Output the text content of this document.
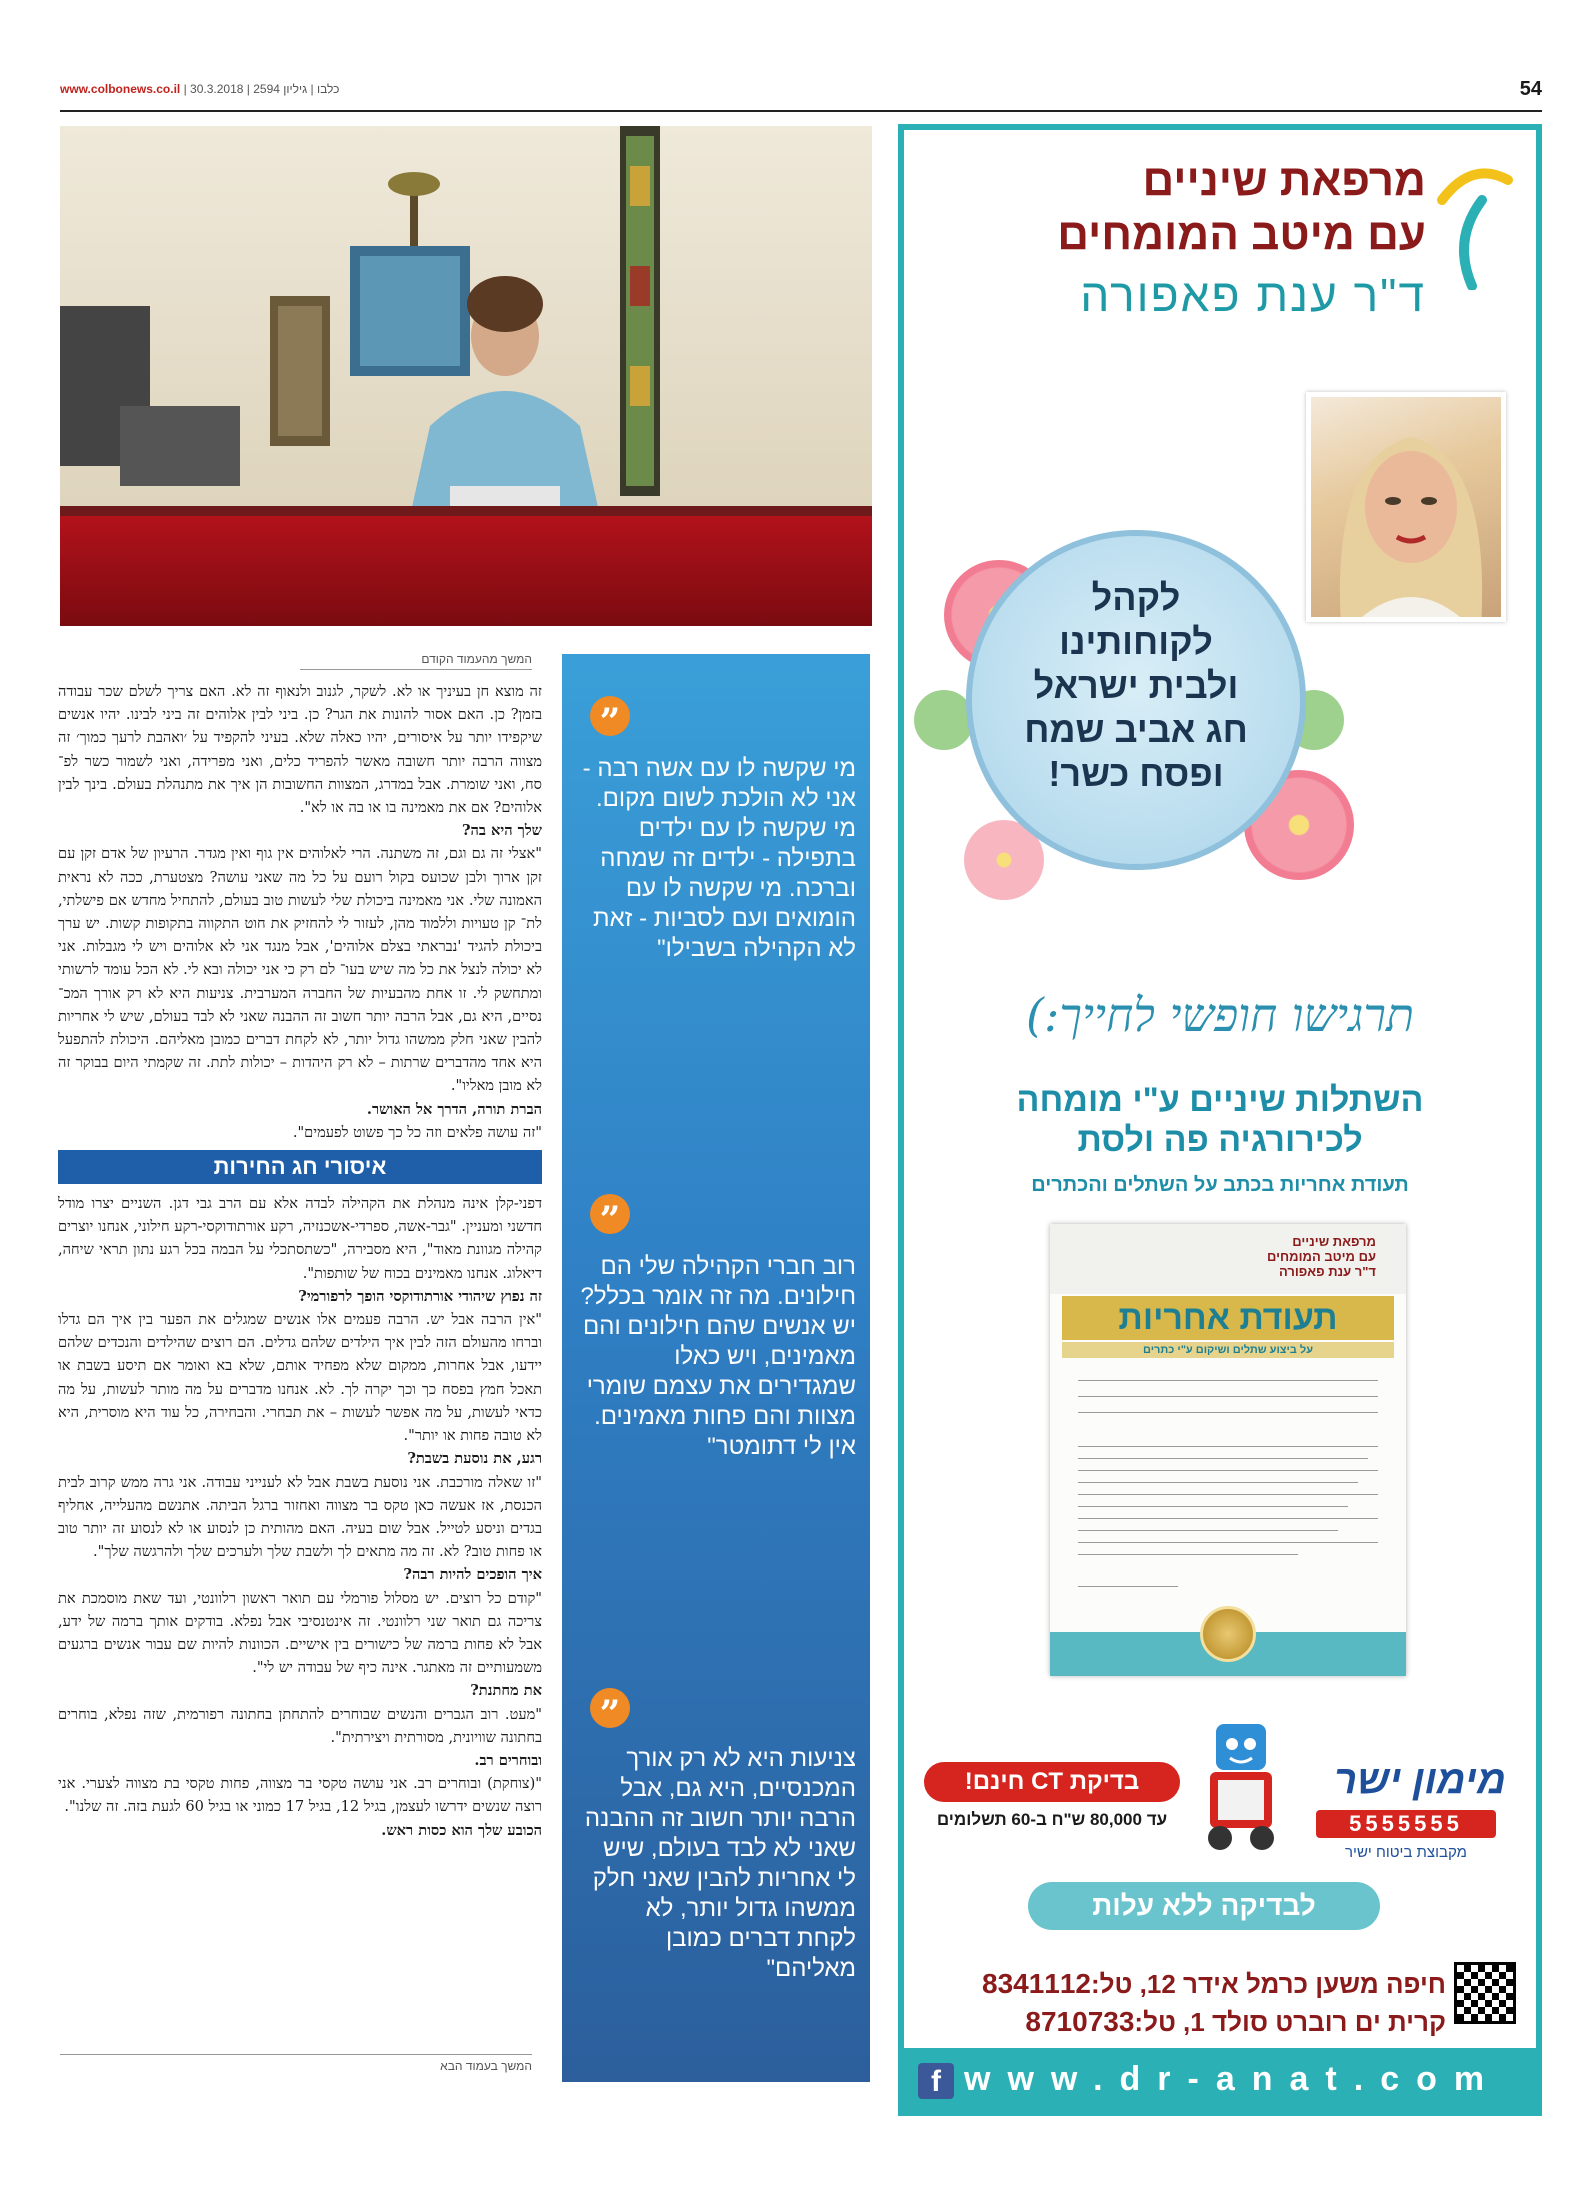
www.colbonews.co.il | כלבו | גיליון 2594 | 30.3.2018	54
המשך מהעמוד הקודם

זה מוצא חן בעיניך או לא. לשקר, לגנוב ולנאוף זה לא. האם צריך לשלם שכר עבודה בזמן? כן. האם אסור להונות את הגר? כן. ביני לבין אלוהים זה ביני לבינו. יהיו אנשים שיקפידו יותר על איסורים, יהיו כאלה שלא. בעיני להקפיד על ׳ואהבת לרעך כמוך׳ זה מצווה הרבה יותר חשובה מאשר להפריד כלים, ואני מפרידה, ואני לשמור כשר לפ־ סח, ואני שומרת. אבל במדרג, המצוות החשובות הן איך את מתנהלת בעולם. בינך לבין אלוהים? אם את מאמינה בו או בה או לא".

שלך היא בה?

"אצלי זה גם וגם, זה משתנה. הרי לאלוהים אין גוף ואין מגדר. הרעיון של אדם זקן עם זקן ארוך ולבן שכועס בקול רועם על כל מה שאני עושה? מצטערת, ככה לא נראית האמונה שלי. אני מאמינה ביכולת שלי לעשות טוב בעולם, להתחיל מחדש אם פישלתי, לת־ קן טעויות וללמוד מהן, לעזור לי להחזיק את חוט התקווה בתקופות קשות. יש ערך ביכולת להגיד 'נבראתי בצלם אלוהים', אבל מנגד אני לא אלוהים ויש לי מגבלות. אני לא יכולה לנצל את כל מה שיש בעו־ לם רק כי אני יכולה ובא לי. לא הכל עומד לרשותי ומתחשק לי. זו אחת מהבעיות של החברה המערבית. צניעות היא לא רק אורך המכ־ נסיים, היא גם, אבל הרבה יותר חשוב זה ההבנה שאני לא לבד בעולם, שיש לי אחריות להבין שאני חלק ממשהו גדול יותר, לא לקחת דברים כמובן מאליהם. היכולת להתפעל היא אחד מהדברים שרתות – לא רק היהדות – יכולות לתת. זה שקמתי היום בבוקר זה לא מובן מאליו".

הברת תורה, הדרך אל האושר.

"זה עושה פלאים וזה כל כך פשוט לפעמים".

איסורי חג החירות

דפני-קלן אינה מנהלת את הקהילה לבדה אלא עם הרב גבי דגן. השניים יצרו מודל חדשני ומעניין. "גבר-אשה, ספרדי-אשכנזיה, רקע אורתודוקסי-רקע חילוני, אנחנו יוצרים קהילה מגוונת מאוד", היא מסבירה, "כשתסתכלי על הבמה בכל רגע נתון תראי שיחה, דיאלוג. אנחנו מאמינים בכוח של שותפות".

זה נפוץ שיהודי אורתודוקסי הופך לרפורמי?

"אין הרבה אבל יש. הרבה פעמים אלו אנשים שמגלים את הפער בין איך הם גדלו וברחו מהעולם הזה לבין איך הילדים שלהם גדלים. הם רוצים שהילדים והנכדים שלהם יידעו, אבל אחרות, ממקום שלא מפחיד אותם, שלא בא ואומר אם תיסע בשבת או תאכל חמץ בפסח כך וכך יקרה לך. לא. אנחנו מדברים על מה מותר לעשות, על מה כדאי לעשות, על מה אפשר לעשות – את תבחרי. והבחירה, כל עוד היא מוסרית, היא לא טובה פחות או יותר".

רגע, את נוסעת בשבת?

"זו שאלה מורכבת. אני נוסעת בשבת אבל לא לענייני עבודה. אני גרה ממש קרוב לבית הכנסת, אז אעשה כאן טקס בר מצווה ואחזור ברגל הביתה. אתנשם מהעלייה, אחליף בגדים וניסע לטייל. אבל שום בעיה. האם מהותית כן לנסוע או לא לנסוע זה יותר טוב או פחות טוב? לא. זה מה מתאים לך ולשבת שלך ולערכים שלך ולהרגשה שלך".

איך הופכים להיות רבה?

"קודם כל רוצים. יש מסלול פורמלי עם תואר ראשון רלוונטי, ועד שאת מוסמכת את צריכה גם תואר שני רלוונטי. זה אינטנסיבי אבל נפלא. בודקים אותך ברמה של ידע, אבל לא פחות ברמה של כישורים בין אישיים. הכוונות להיות שם עבור אנשים ברגעים משמעותיים זה מאתגר. אינה כיף של עבודה יש לי".

את מחתנת?

"מעט. רוב הגברים והנשים שבוחרים להתחתן בחתונה רפורמית, שזה נפלא, בוחרים בחתונה שוויונית, מסורתית ויצירתית".

ובוחרים רב.

"(צוחקת) ובוחרים רב. אני עושה טקסי בר מצווה, פחות טקסי בת מצווה לצערי. אני רוצה שנשים ידרשו לעצמן, בגיל 12, בגיל 17 כמוני או בגיל 60 לגעת בזה. זה שלנו".

הכובע שלך הוא כסות ראש.

המשך בעמוד הבא
”
מי שקשה לו עם אשה רבה - אני לא הולכת לשום מקום. מי שקשה לו עם ילדים בתפילה - ילדים זה שמחה וברכה. מי שקשה לו עם הומואים ועם לסביות - זאת לא הקהילה בשבילו"
”
רוב חברי הקהילה שלי הם חילונים. מה זה אומר בכלל? יש אנשים שהם חילונים והם מאמינים, ויש כאלו שמגדירים את עצמם שומרי מצוות והם פחות מאמינים. אין לי דתומטר"
”
צניעות היא לא רק אורך המכנסיים, היא גם, אבל הרבה יותר חשוב זה ההבנה שאני לא לבד בעולם, שיש לי אחריות להבין שאני חלק ממשהו גדול יותר, לא לקחת דברים כמובן מאליהם"
מרפאת שיניים
עם מיטב המומחים
ד"ר ענת פאפורה
לקהל
לקוחותינו
ולבית ישראל
חג אביב שמח
ופסח כשר!
תרגישו חופשי לחייך:)
השתלות שיניים ע"י מומחה
לכירורגיה פה ולסת
תעודת אחריות בכתב על השתלים והכתרים
מרפאת שיניים
עם מיטב המומחים
ד"ר ענת פאפורה
תעודת אחריות
על ביצוע שתלים ושיקום ע"י כתרים
בדיקת CT חינם!
עד 80,000 ש"ח ב-60 תשלומים
מימון ישר
5555555
מקבוצת ביטוח ישיר
לבדיקה ללא עלות
חיפה משען כרמל אידר 12, טל:8341112
קרית ים רוברט סולד 1, טל:8710733
f www.dr-anat.com
